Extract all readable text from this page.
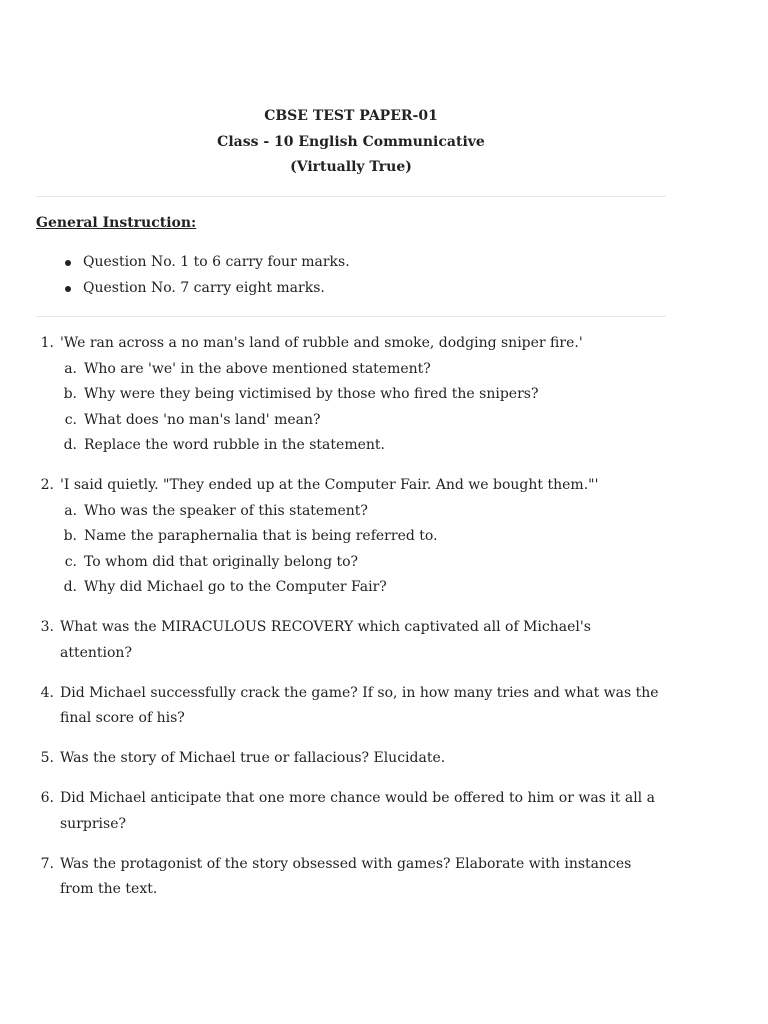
CBSE TEST PAPER-01
Class - 10 English Communicative
(Virtually True)

General Instruction:

Question No. 1 to 6 carry four marks.
Question No. 7 carry eight marks.
1. 'We ran across a no man's land of rubble and smoke, dodging sniper fire.'
a. Who are 'we' in the above mentioned statement?
b. Why were they being victimised by those who fired the snipers?
c. What does 'no man's land' mean?
d. Replace the word rubble in the statement.
2. 'I said quietly. "They ended up at the Computer Fair. And we bought them."'
a. Who was the speaker of this statement?
b. Name the paraphernalia that is being referred to.
c. To whom did that originally belong to?
d. Why did Michael go to the Computer Fair?
3. What was the MIRACULOUS RECOVERY which captivated all of Michael's attention?
4. Did Michael successfully crack the game? If so, in how many tries and what was the final score of his?
5. Was the story of Michael true or fallacious? Elucidate.
6. Did Michael anticipate that one more chance would be offered to him or was it all a surprise?
7. Was the protagonist of the story obsessed with games? Elaborate with instances from the text.
